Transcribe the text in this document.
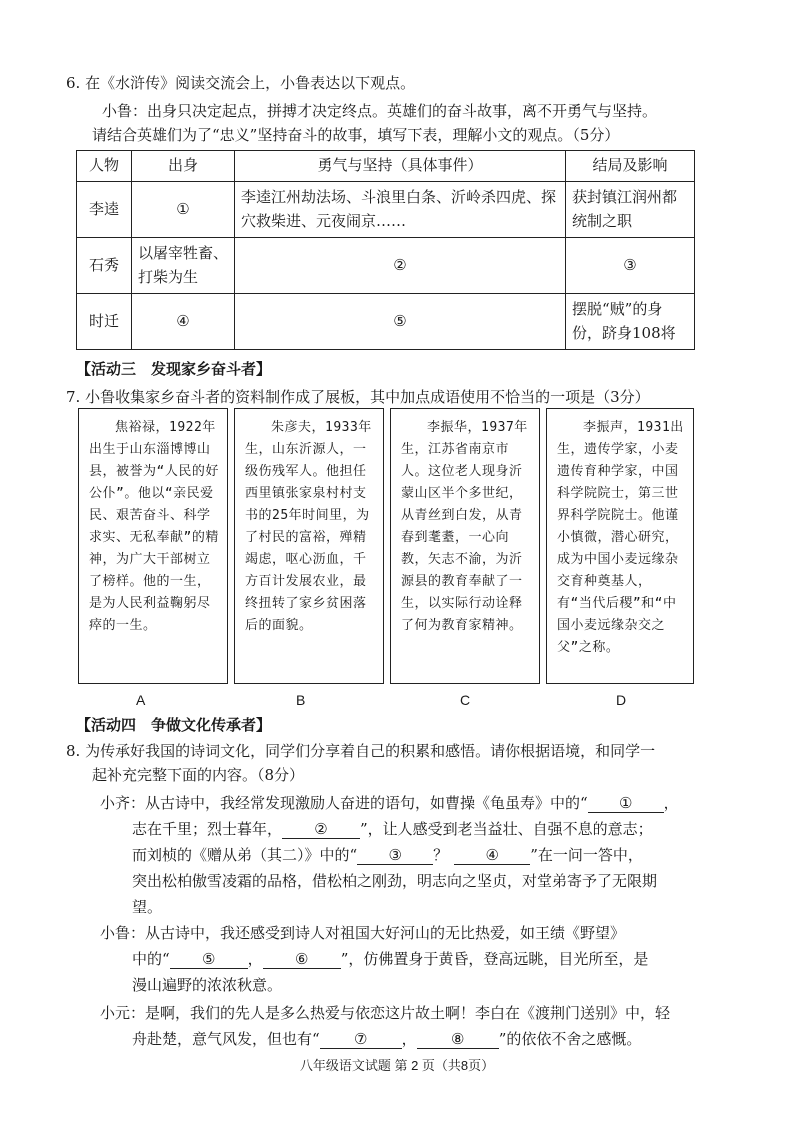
6. 在《水浒传》阅读交流会上，小鲁表达以下观点。
小鲁：出身只决定起点，拼搏才决定终点。英雄们的奋斗故事，离不开勇气与坚持。
请结合英雄们为了“忠义”坚持奋斗的故事，填写下表，理解小文的观点。（5分）
人物	出身	勇气与坚持（具体事件）	结局及影响
李逵	①	李逵江州劫法场、斗浪里白条、沂岭杀四虎、探穴救柴进、元夜闹京……	获封镇江润州都统制之职
石秀	以屠宰牲畜、打柴为生	②	③
时迁	④	⑤	摆脱“贼”的身份，跻身108将
【活动三　发现家乡奋斗者】
7. 小鲁收集家乡奋斗者的资料制作成了展板，其中加点成语使用不恰当的一项是（3分）
焦裕禄，1922年出生于山东淄博博山县，被誉为“人民的好公仆”。他以“亲民爱民、艰苦奋斗、科学求实、无私奉献”的精神，为广大干部树立了榜样。他的一生，是为人民利益鞠躬尽瘁的一生。
朱彦夫，1933年生，山东沂源人，一级伤残军人。他担任西里镇张家泉村村支书的25年时间里，为了村民的富裕，殚精竭虑，呕心沥血，千方百计发展农业，最终扭转了家乡贫困落后的面貌。
李振华，1937年生，江苏省南京市人。这位老人现身沂蒙山区半个多世纪，从青丝到白发，从青春到耄耋，一心向教，矢志不渝，为沂源县的教育奉献了一生，以实际行动诠释了何为教育家精神。
李振声，1931出生，遗传学家，小麦遗传育种学家，中国科学院院士，第三世界科学院院士。他谨小慎微，潜心研究，成为中国小麦远缘杂交育种奠基人，有“当代后稷”和“中国小麦远缘杂交之父”之称。
A	B	C	D
【活动四　争做文化传承者】
8. 为传承好我国的诗词文化，同学们分享着自己的积累和感悟。请你根据语境，和同学一
起补充完整下面的内容。（8分）
小齐：从古诗中，我经常发现激励人奋进的语句，如曹操《龟虽寿》中的“ ① ，
志在千里；烈士暮年， ② ”，让人感受到老当益壮、自强不息的意志；
而刘桢的《赠从弟（其二）》中的“ ③ ？ ④ ”在一问一答中，
突出松柏傲雪凌霜的品格，借松柏之刚劲，明志向之坚贞，对堂弟寄予了无限期
望。
小鲁：从古诗中，我还感受到诗人对祖国大好河山的无比热爱，如王绩《野望》
中的“ ⑤ ， ⑥ ”，仿佛置身于黄昏，登高远眺，目光所至，是
漫山遍野的浓浓秋意。
小元：是啊，我们的先人是多么热爱与依恋这片故土啊！李白在《渡荆门送别》中，轻
舟赴楚，意气风发，但也有“ ⑦ ， ⑧ ”的依依不舍之感慨。
八年级语文试题 第 2 页（共8页）
